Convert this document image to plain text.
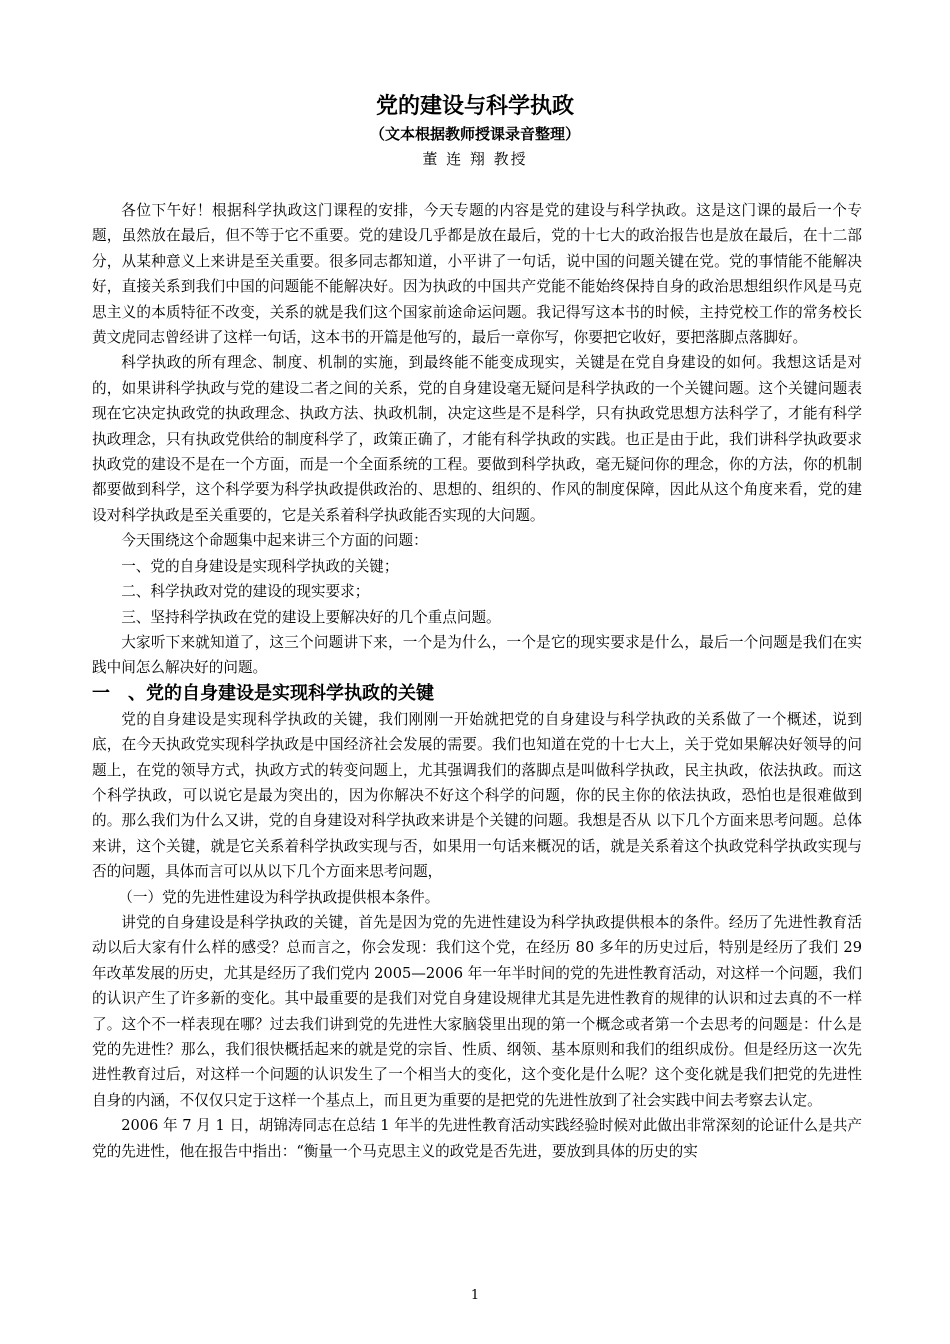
党的建设与科学执政
（文本根据教师授课录音整理）
董 连 翔 教授

各位下午好！根据科学执政这门课程的安排，今天专题的内容是党的建设与科学执政。这是这门课的最后一个专题，虽然放在最后，但不等于它不重要。党的建设几乎都是放在最后，党的十七大的政治报告也是放在最后，在十二部分，从某种意义上来讲是至关重要。很多同志都知道，小平讲了一句话，说中国的问题关键在党。党的事情能不能解决好，直接关系到我们中国的问题能不能解决好。因为执政的中国共产党能不能始终保持自身的政治思想组织作风是马克思主义的本质特征不改变，关系的就是我们这个国家前途命运问题。我记得写这本书的时候，主持党校工作的常务校长黄文虎同志曾经讲了这样一句话，这本书的开篇是他写的，最后一章你写，你要把它收好，要把落脚点落脚好。

科学执政的所有理念、制度、机制的实施，到最终能不能变成现实，关键是在党自身建设的如何。我想这话是对的，如果讲科学执政与党的建设二者之间的关系，党的自身建设毫无疑问是科学执政的一个关键问题。这个关键问题表现在它决定执政党的执政理念、执政方法、执政机制，决定这些是不是科学，只有执政党思想方法科学了，才能有科学执政理念，只有执政党供给的制度科学了，政策正确了，才能有科学执政的实践。也正是由于此，我们讲科学执政要求执政党的建设不是在一个方面，而是一个全面系统的工程。要做到科学执政，毫无疑问你的理念，你的方法，你的机制都要做到科学，这个科学要为科学执政提供政治的、思想的、组织的、作风的制度保障，因此从这个角度来看，党的建设对科学执政是至关重要的，它是关系着科学执政能否实现的大问题。

今天围绕这个命题集中起来讲三个方面的问题：

一、党的自身建设是实现科学执政的关键；

二、科学执政对党的建设的现实要求；

三、坚持科学执政在党的建设上要解决好的几个重点问题。

大家听下来就知道了，这三个问题讲下来，一个是为什么，一个是它的现实要求是什么，最后一个问题是我们在实践中间怎么解决好的问题。

一　、党的自身建设是实现科学执政的关键

党的自身建设是实现科学执政的关键，我们刚刚一开始就把党的自身建设与科学执政的关系做了一个概述，说到底，在今天执政党实现科学执政是中国经济社会发展的需要。我们也知道在党的十七大上，关于党如果解决好领导的问题上，在党的领导方式，执政方式的转变问题上，尤其强调我们的落脚点是叫做科学执政，民主执政，依法执政。而这个科学执政，可以说它是最为突出的，因为你解决不好这个科学的问题，你的民主你的依法执政，恐怕也是很难做到的。那么我们为什么又讲，党的自身建设对科学执政来讲是个关键的问题。我想是否从 以下几个方面来思考问题。总体来讲，这个关键，就是它关系着科学执政实现与否，如果用一句话来概况的话，就是关系着这个执政党科学执政实现与否的问题，具体而言可以从以下几个方面来思考问题，

（一）党的先进性建设为科学执政提供根本条件。

讲党的自身建设是科学执政的关键，首先是因为党的先进性建设为科学执政提供根本的条件。经历了先进性教育活动以后大家有什么样的感受？总而言之，你会发现：我们这个党，在经历 80 多年的历史过后，特别是经历了我们 29 年改革发展的历史，尤其是经历了我们党内 2005—2006 年一年半时间的党的先进性教育活动，对这样一个问题，我们的认识产生了许多新的变化。其中最重要的是我们对党自身建设规律尤其是先进性教育的规律的认识和过去真的不一样了。这个不一样表现在哪？过去我们讲到党的先进性大家脑袋里出现的第一个概念或者第一个去思考的问题是：什么是党的先进性？那么，我们很快概括起来的就是党的宗旨、性质、纲领、基本原则和我们的组织成份。但是经历这一次先进性教育过后，对这样一个问题的认识发生了一个相当大的变化，这个变化是什么呢？这个变化就是我们把党的先进性自身的内涵，不仅仅只定于这样一个基点上，而且更为重要的是把党的先进性放到了社会实践中间去考察去认定。

2006 年 7 月 1 日，胡锦涛同志在总结 1 年半的先进性教育活动实践经验时候对此做出非常深刻的论证什么是共产党的先进性，他在报告中指出：“衡量一个马克思主义的政党是否先进，要放到具体的历史的实

1
